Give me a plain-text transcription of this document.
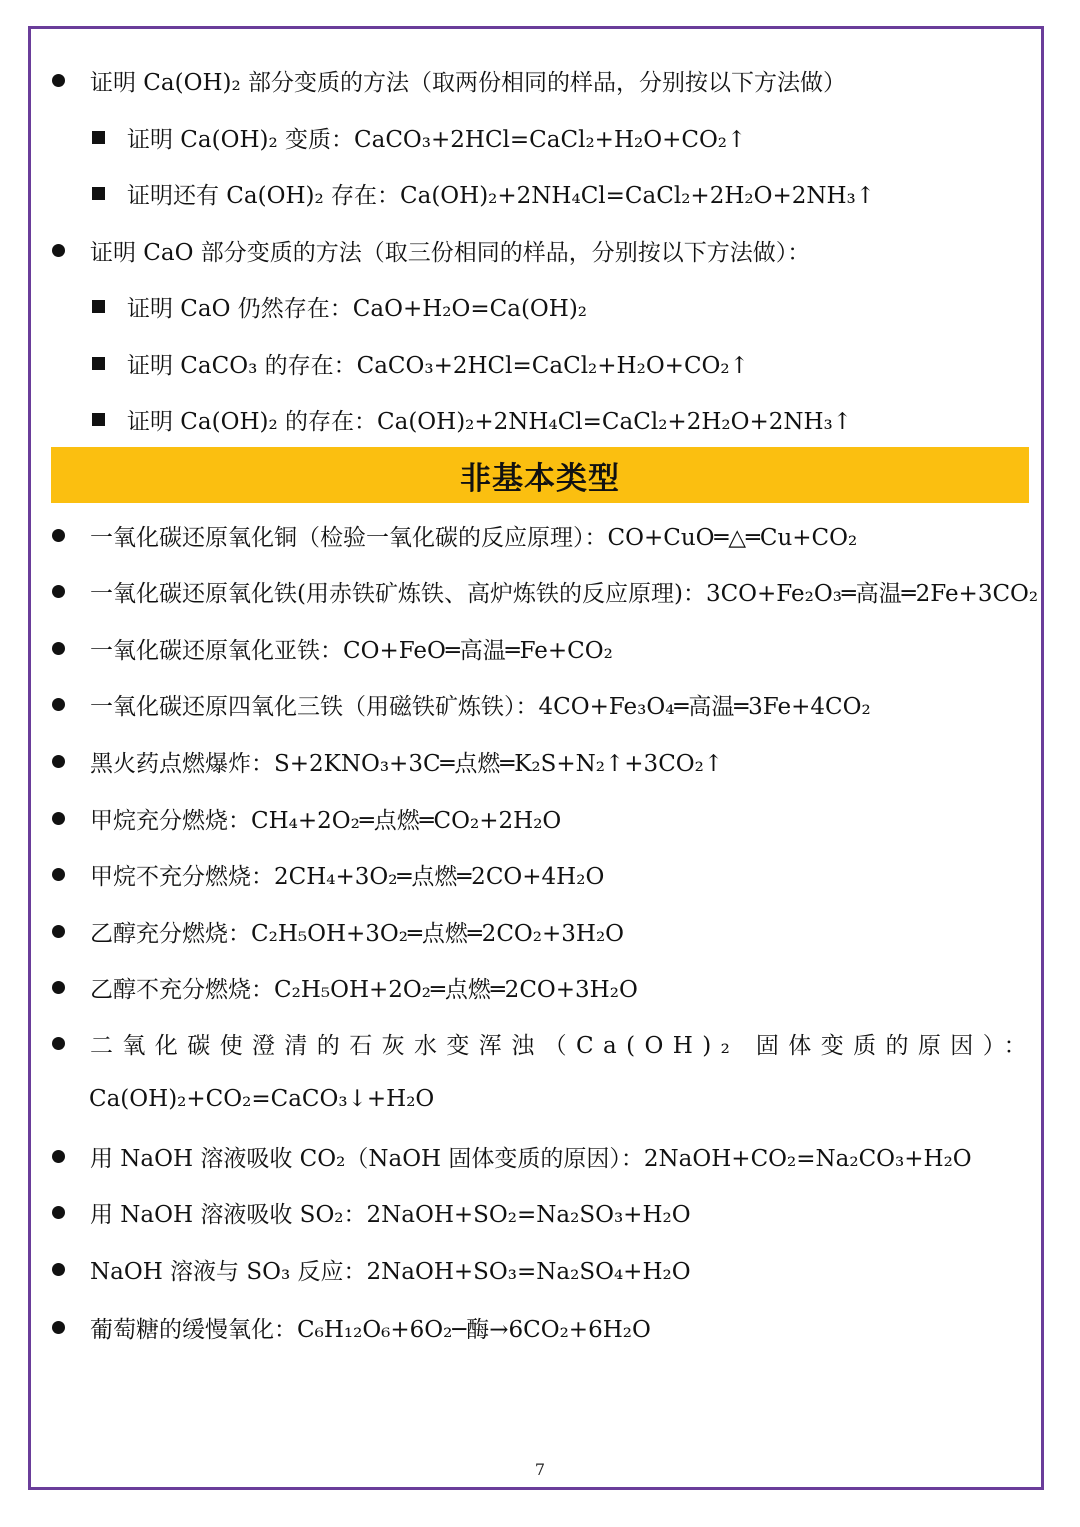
证明 Ca(OH)₂ 部分变质的方法（取两份相同的样品，分别按以下方法做）
证明 Ca(OH)₂ 变质：CaCO₃+2HCl=CaCl₂+H₂O+CO₂↑
证明还有 Ca(OH)₂ 存在：Ca(OH)₂+2NH₄Cl=CaCl₂+2H₂O+2NH₃↑
证明 CaO 部分变质的方法（取三份相同的样品，分别按以下方法做）：
证明 CaO 仍然存在：CaO+H₂O=Ca(OH)₂
证明 CaCO₃ 的存在：CaCO₃+2HCl=CaCl₂+H₂O+CO₂↑
证明 Ca(OH)₂ 的存在：Ca(OH)₂+2NH₄Cl=CaCl₂+2H₂O+2NH₃↑
非基本类型
一氧化碳还原氧化铜（检验一氧化碳的反应原理）：CO+CuO═△═Cu+CO₂
一氧化碳还原氧化铁(用赤铁矿炼铁、高炉炼铁的反应原理)：3CO+Fe₂O₃═高温═2Fe+3CO₂
一氧化碳还原氧化亚铁：CO+FeO═高温═Fe+CO₂
一氧化碳还原四氧化三铁（用磁铁矿炼铁）：4CO+Fe₃O₄═高温═3Fe+4CO₂
黑火药点燃爆炸：S+2KNO₃+3C═点燃═K₂S+N₂↑+3CO₂↑
甲烷充分燃烧：CH₄+2O₂═点燃═CO₂+2H₂O
甲烷不充分燃烧：2CH₄+3O₂═点燃═2CO+4H₂O
乙醇充分燃烧：C₂H₅OH+3O₂═点燃═2CO₂+3H₂O
乙醇不充分燃烧：C₂H₅OH+2O₂═点燃═2CO+3H₂O
二氧化碳使澄清的石灰水变浑浊（Ca(OH)₂ 固体变质的原因）：
Ca(OH)₂+CO₂=CaCO₃↓+H₂O
用 NaOH 溶液吸收 CO₂（NaOH 固体变质的原因）：2NaOH+CO₂=Na₂CO₃+H₂O
用 NaOH 溶液吸收 SO₂：2NaOH+SO₂=Na₂SO₃+H₂O
NaOH 溶液与 SO₃ 反应：2NaOH+SO₃=Na₂SO₄+H₂O
葡萄糖的缓慢氧化：C₆H₁₂O₆+6O₂─酶→6CO₂+6H₂O
7
